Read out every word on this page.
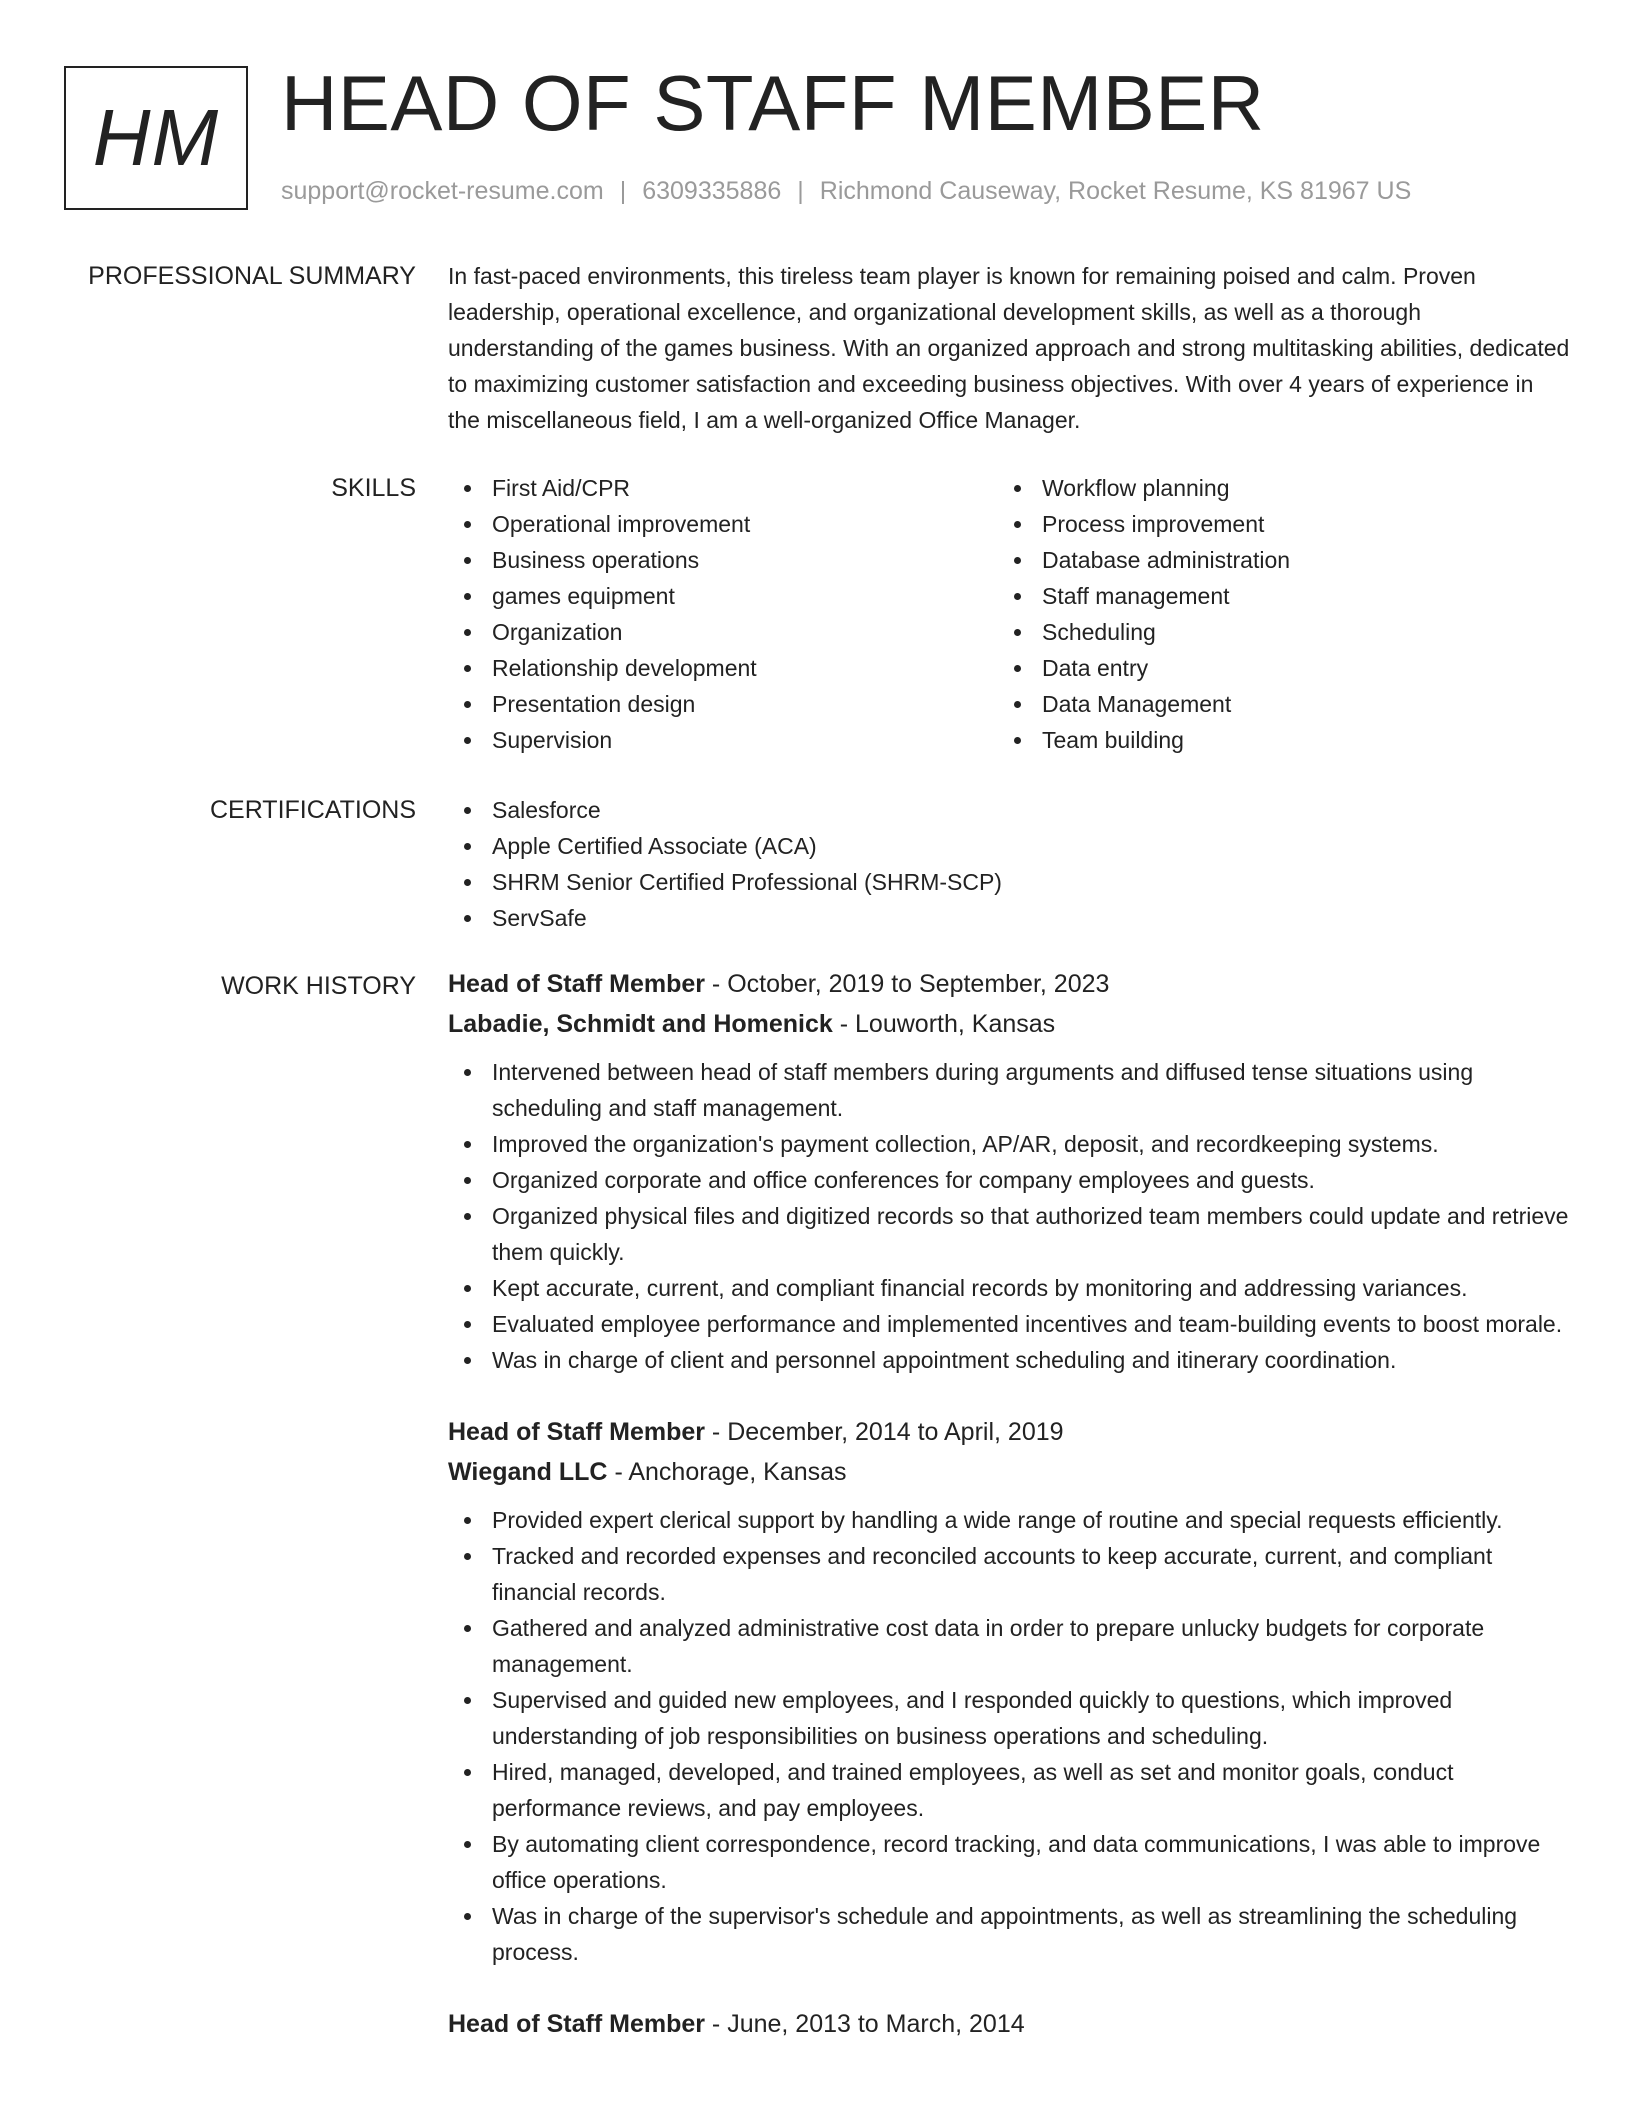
HM HEAD OF STAFF MEMBER
support@rocket-resume.com | 6309335886 | Richmond Causeway, Rocket Resume, KS 81967 US
PROFESSIONAL SUMMARY In fast-paced environments, this tireless team player is known for remaining poised and calm. Proven leadership, operational excellence, and organizational development skills, as well as a thorough understanding of the games business. With an organized approach and strong multitasking abilities, dedicated to maximizing customer satisfaction and exceeding business objectives. With over 4 years of experience in the miscellaneous field, I am a well-organized Office Manager.
SKILLS	First Aid/CPR
Operational improvement
Business operations
games equipment
Organization
Relationship development
Presentation design
Supervision
Workflow planning
Process improvement
Database administration
Staff management
Scheduling
Data entry
Data Management
Team building
CERTIFICATIONS	Salesforce
Apple Certified Associate (ACA)
SHRM Senior Certified Professional (SHRM-SCP)
ServSafe
WORK HISTORY Head of Staff Member - October, 2019 to September, 2023
Labadie, Schmidt and Homenick - Louworth, Kansas
Intervened between head of staff members during arguments and diffused tense situations using scheduling and staff management.
Improved the organization's payment collection, AP/AR, deposit, and recordkeeping systems.
Organized corporate and office conferences for company employees and guests.
Organized physical files and digitized records so that authorized team members could update and retrieve them quickly.
Kept accurate, current, and compliant financial records by monitoring and addressing variances.
Evaluated employee performance and implemented incentives and team-building events to boost morale.
Was in charge of client and personnel appointment scheduling and itinerary coordination.
Head of Staff Member - December, 2014 to April, 2019
Wiegand LLC - Anchorage, Kansas
Provided expert clerical support by handling a wide range of routine and special requests efficiently.
Tracked and recorded expenses and reconciled accounts to keep accurate, current, and compliant financial records.
Gathered and analyzed administrative cost data in order to prepare unlucky budgets for corporate management.
Supervised and guided new employees, and I responded quickly to questions, which improved understanding of job responsibilities on business operations and scheduling.
Hired, managed, developed, and trained employees, as well as set and monitor goals, conduct performance reviews, and pay employees.
By automating client correspondence, record tracking, and data communications, I was able to improve office operations.
Was in charge of the supervisor's schedule and appointments, as well as streamlining the scheduling process.
Head of Staff Member - June, 2013 to March, 2014
